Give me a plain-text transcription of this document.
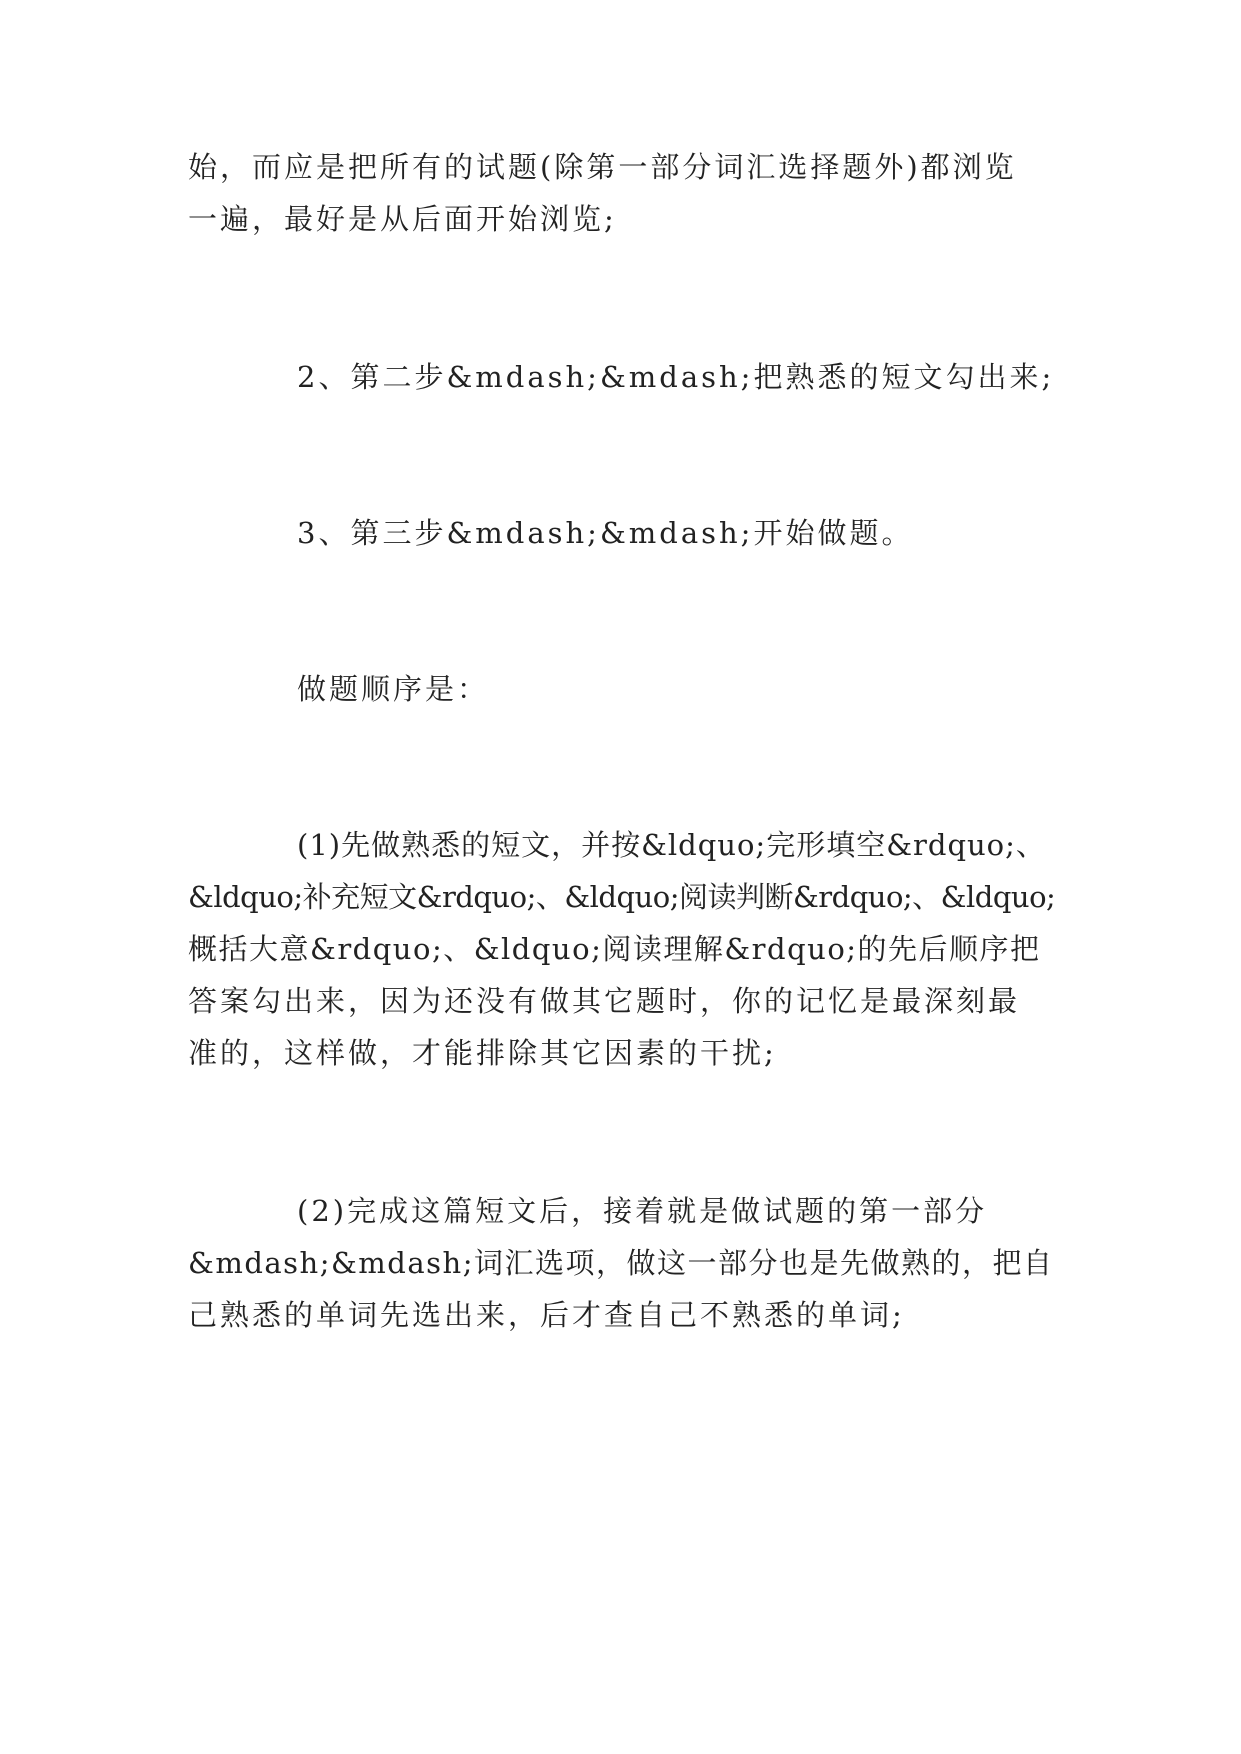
始，而应是把所有的试题(除第一部分词汇选择题外)都浏览
一遍，最好是从后面开始浏览;
2、第二步&mdash;&mdash;把熟悉的短文勾出来;
3、第三步&mdash;&mdash;开始做题。
做题顺序是：
(1)先做熟悉的短文，并按&ldquo;完形填空&rdquo;、
&ldquo;补充短文&rdquo;、&ldquo;阅读判断&rdquo;、&ldquo;
概括大意&rdquo;、&ldquo;阅读理解&rdquo;的先后顺序把
答案勾出来，因为还没有做其它题时，你的记忆是最深刻最
准的，这样做，才能排除其它因素的干扰;
(2)完成这篇短文后，接着就是做试题的第一部分
&mdash;&mdash;词汇选项，做这一部分也是先做熟的，把自
己熟悉的单词先选出来，后才查自己不熟悉的单词;
